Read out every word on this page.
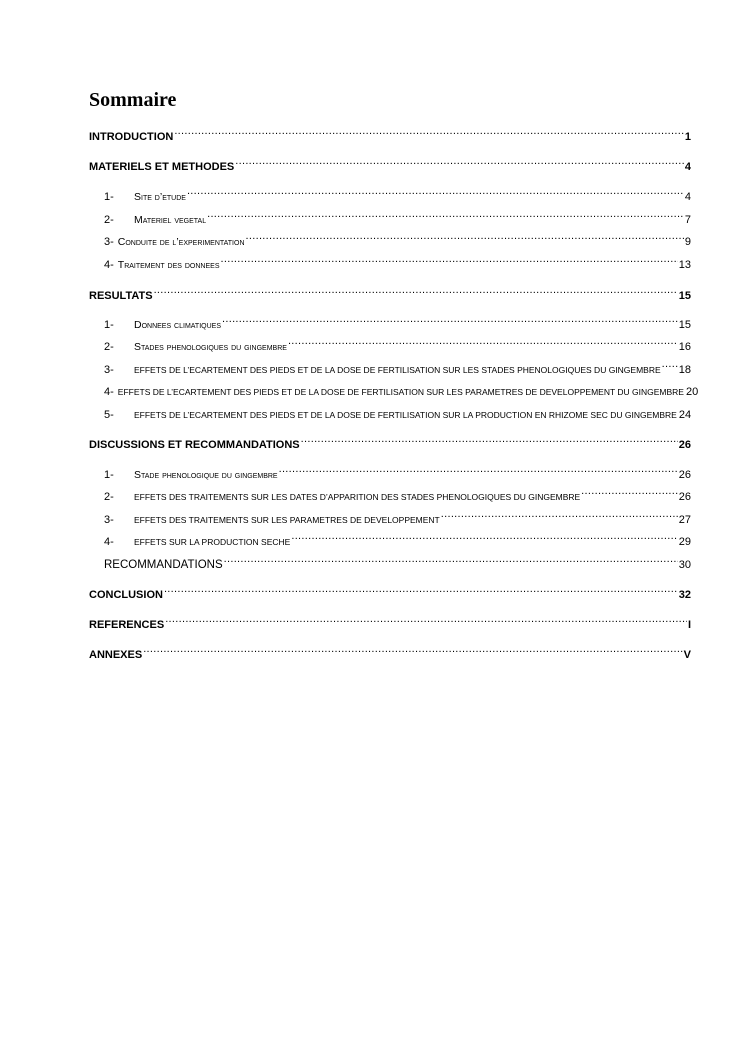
Sommaire
INTRODUCTION .....	1
MATERIELS ET METHODES .....	4
1-	Site d’etude .....	4
2-	Materiel vegetal .....	7
3- Conduite de l’experimentation .....	9
4- Traitement des donnees .....	13
RESULTATS .....	15
1-	Donnees climatiques .....	15
2-	Stades phenologiques du gingembre .....	16
3-	EFFETS DE L’ECARTEMENT DES PIEDS ET DE LA DOSE DE FERTILISATION SUR LES STADES PHENOLOGIQUES DU GINGEMBRE ..... 18
4- EFFETS DE L’ECARTEMENT DES PIEDS ET DE LA DOSE DE FERTILISATION SUR LES PARAMETRES DE DEVELOPPEMENT DU GINGEMBRE 20
5-	EFFETS DE L’ECARTEMENT DES PIEDS ET DE LA DOSE DE FERTILISATION SUR LA PRODUCTION EN RHIZOME SEC DU GINGEMBRE 24
DISCUSSIONS ET RECOMMANDATIONS .....	26
1-	Stade phenologique du gingembre .....	26
2-	EFFETS DES TRAITEMENTS SUR LES DATES D’APPARITION DES STADES PHENOLOGIQUES DU GINGEMBRE .....	26
3-	EFFETS DES TRAITEMENTS SUR LES PARAMETRES DE DEVELOPPEMENT .....	27
4-	EFFETS SUR LA PRODUCTION SECHE .....	29
RECOMMANDATIONS .....	30
CONCLUSION .....	32
REFERENCES .....	I
ANNEXES .....	V
